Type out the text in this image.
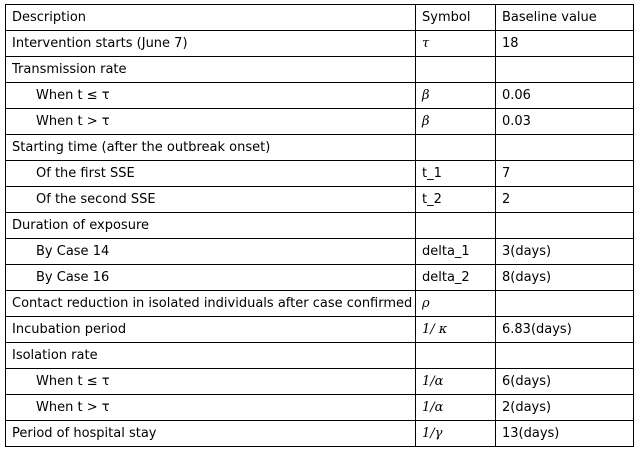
Description	Symbol	Baseline value
Intervention starts (June 7)	τ	18
Transmission rate		
When t ≤ τ	β	0.06
When t > τ	β	0.03
Starting time (after the outbreak onset)		
Of the first SSE	t_1	7
Of the second SSE	t_2	2
Duration of exposure		
By Case 14	delta_1	3(days)
By Case 16	delta_2	8(days)
Contact reduction in isolated individuals after case confirmed	ρ	
Incubation period	1/ κ	6.83(days)
Isolation rate		
When t ≤ τ	1/α	6(days)
When t > τ	1/α	2(days)
Period of hospital stay	1/γ	13(days)
